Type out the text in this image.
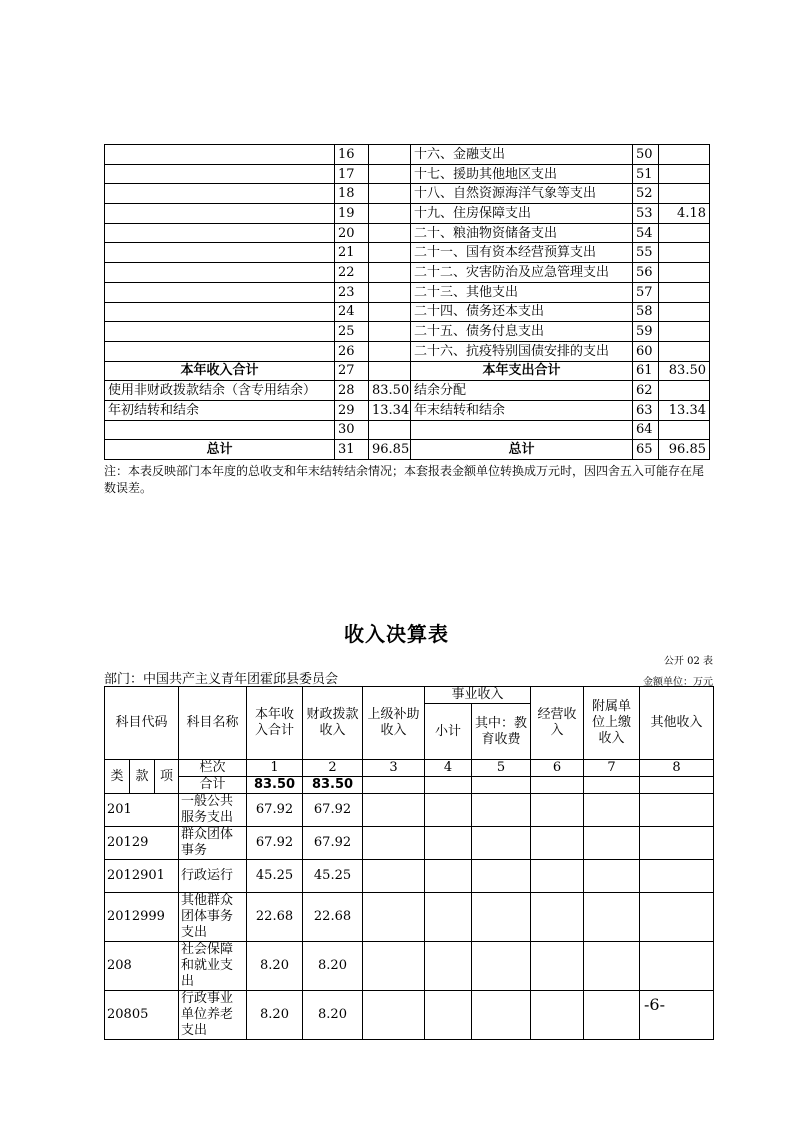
	16		十六、金融支出	50	
	17		十七、援助其他地区支出	51	
	18		十八、自然资源海洋气象等支出	52	
	19		十九、住房保障支出	53	4.18
	20		二十、粮油物资储备支出	54	
	21		二十一、国有资本经营预算支出	55	
	22		二十二、灾害防治及应急管理支出	56	
	23		二十三、其他支出	57	
	24		二十四、债务还本支出	58	
	25		二十五、债务付息支出	59	
	26		二十六、抗疫特别国债安排的支出	60	
本年收入合计	27		本年支出合计	61	83.50
使用非财政拨款结余（含专用结余）	28	83.50	结余分配	62	
年初结转和结余	29	13.34	年末结转和结余	63	13.34
	30			64	
总计	31	96.85	总计	65	96.85
注：本表反映部门本年度的总收支和年末结转结余情况；本套报表金额单位转换成万元时，因四舍五入可能存在尾数误差。
收入决算表
公开 02 表
部门：中国共产主义青年团霍邱县委员会	金额单位：万元
科目代码			科目名称	本年收入合计	财政拨款收入	上级补助收入	事业收入		经营收入	附属单位上缴收入	其他收入
							小计	其中：教育收费			

类	款	项	栏次	1	2	3	4	5	6	7	8
			合计	83.50	83.50						
201			一般公共服务支出	67.92	67.92						
20129			群众团体事务	67.92	67.92						
2012901			行政运行	45.25	45.25						
2012999			其他群众团体事务支出	22.68	22.68						
208			社会保障和就业支出	8.20	8.20						
20805			行政事业单位养老支出	8.20	8.20						
-6-
